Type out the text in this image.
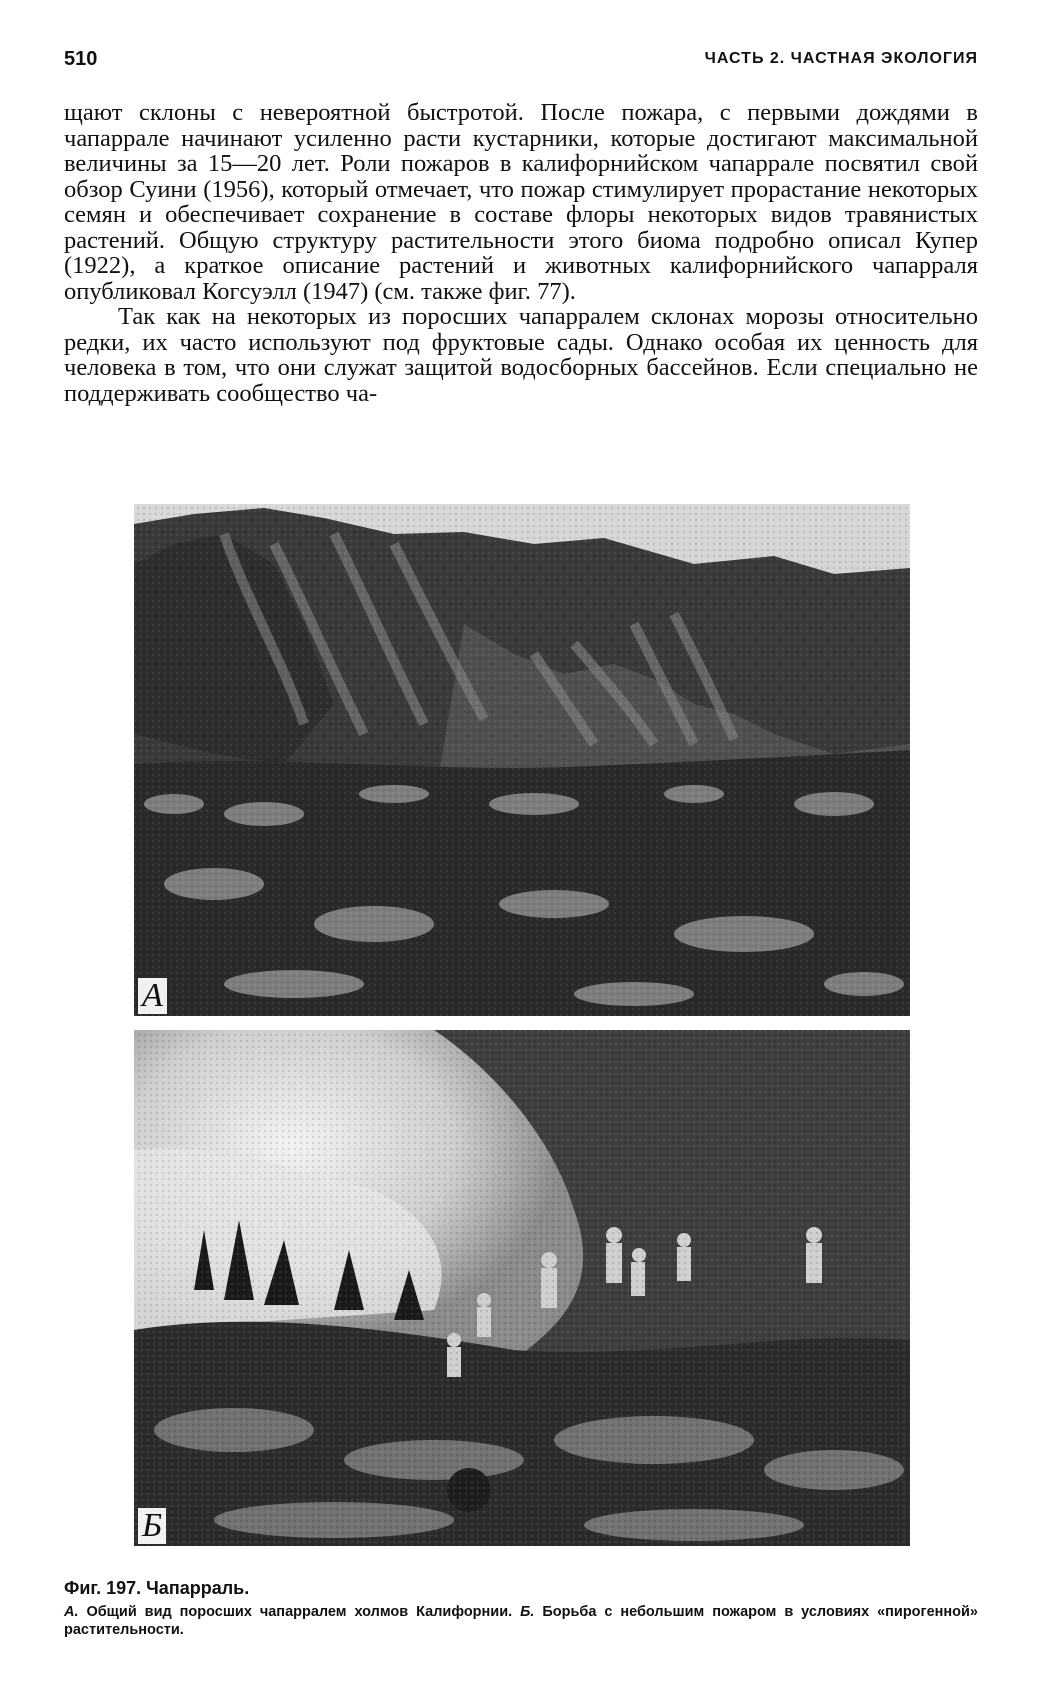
510	ЧАСТЬ 2. ЧАСТНАЯ ЭКОЛОГИЯ

щают склоны с невероятной быстротой. После пожара, с первыми дождями в чапаррале начинают усиленно расти кустарники, которые достигают максимальной величины за 15—20 лет. Роли пожаров в калифорнийском чапаррале посвятил свой обзор Суини (1956), который отмечает, что пожар стимулирует прорастание некоторых семян и обеспечивает сохранение в составе флоры некоторых видов травянистых растений. Общую структуру растительности этого биома подробно описал Купер (1922), а краткое описание растений и животных калифорнийского чапарраля опубликовал Когсуэлл (1947) (см. также фиг. 77).

Так как на некоторых из поросших чапарралем склонах морозы относительно редки, их часто используют под фруктовые сады. Однако особая их ценность для человека в том, что они служат защитой водосборных бассейнов. Если специально не поддерживать сообщество ча-

А
Б

Фиг. 197. Чапарраль.

А. Общий вид поросших чапарралем холмов Калифорнии. Б. Борьба с небольшим пожаром в условиях «пирогенной» растительности.
